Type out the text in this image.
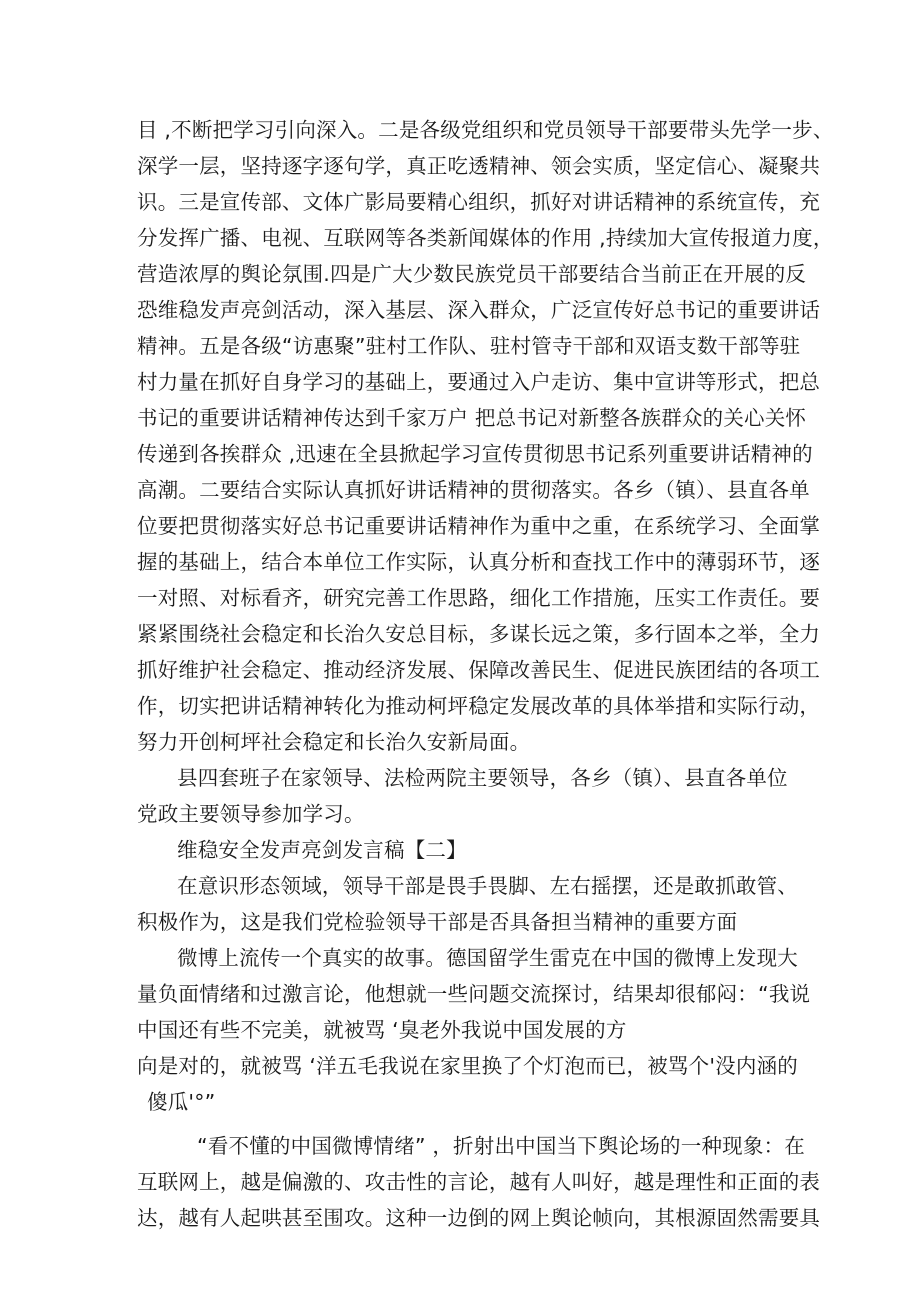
目 ,不断把学习引向深入。二是各级党组织和党员领导干部要带头先学一步、
深学一层，坚持逐字逐句学，真正吃透精神、领会实质，坚定信心、凝聚共
识。三是宣传部、文体广影局要精心组织，抓好对讲话精神的系统宣传，充
分发挥广播、电视、互联网等各类新闻媒体的作用 ,持续加大宣传报道力度，
营造浓厚的舆论氛围.四是广大少数民族党员干部要结合当前正在开展的反
恐维稳发声亮剑活动，深入基层、深入群众，广泛宣传好总书记的重要讲话
精神。五是各级“访惠聚”驻村工作队、驻村管寺干部和双语支数干部等驻
村力量在抓好自身学习的基础上，要通过入户走访、集中宣讲等形式，把总
书记的重要讲话精神传达到千家万户 把总书记对新整各族群众的关心关怀
传递到各挨群众 ,迅速在全县掀起学习宣传贯彻思书记系列重要讲话精神的
高潮。二要结合实际认真抓好讲话精神的贯彻落实。各乡（镇）、县直各单
位要把贯彻落实好总书记重要讲话精神作为重中之重，在系统学习、全面掌
握的基础上，结合本单位工作实际，认真分析和查找工作中的薄弱环节，逐
一对照、对标看齐，研究完善工作思路，细化工作措施，压实工作责任。要
紧紧围绕社会稳定和长治久安总目标，多谋长远之策，多行固本之举，全力
抓好维护社会稳定、推动经济发展、保障改善民生、促进民族团结的各项工
作，切实把讲话精神转化为推动柯坪稳定发展改革的具体举措和实际行动，
努力开创柯坪社会稳定和长治久安新局面。
县四套班子在家领导、法检两院主要领导，各乡（镇）、县直各单位
党政主要领导参加学习。
维稳安全发声亮剑发言稿【二】
在意识形态领域，领导干部是畏手畏脚、左右摇摆，还是敢抓敢管、
积极作为，这是我们党检验领导干部是否具备担当精神的重要方面
微博上流传一个真实的故事。德国留学生雷克在中国的微博上发现大
量负面情绪和过激言论，他想就一些问题交流探讨，结果却很郁闷：“我说
中国还有些不完美，就被骂 ‘臭老外我说中国发展的方
向是对的，就被骂 ‘洋五毛我说在家里换了个灯泡而已，被骂个'没内涵的
傻瓜'°”
“看不懂的中国微博情绪” ，折射出中国当下舆论场的一种现象：在
互联网上，越是偏激的、攻击性的言论，越有人叫好，越是理性和正面的表
达，越有人起哄甚至围攻。这种一边倒的网上舆论帧向，其根源固然需要具
